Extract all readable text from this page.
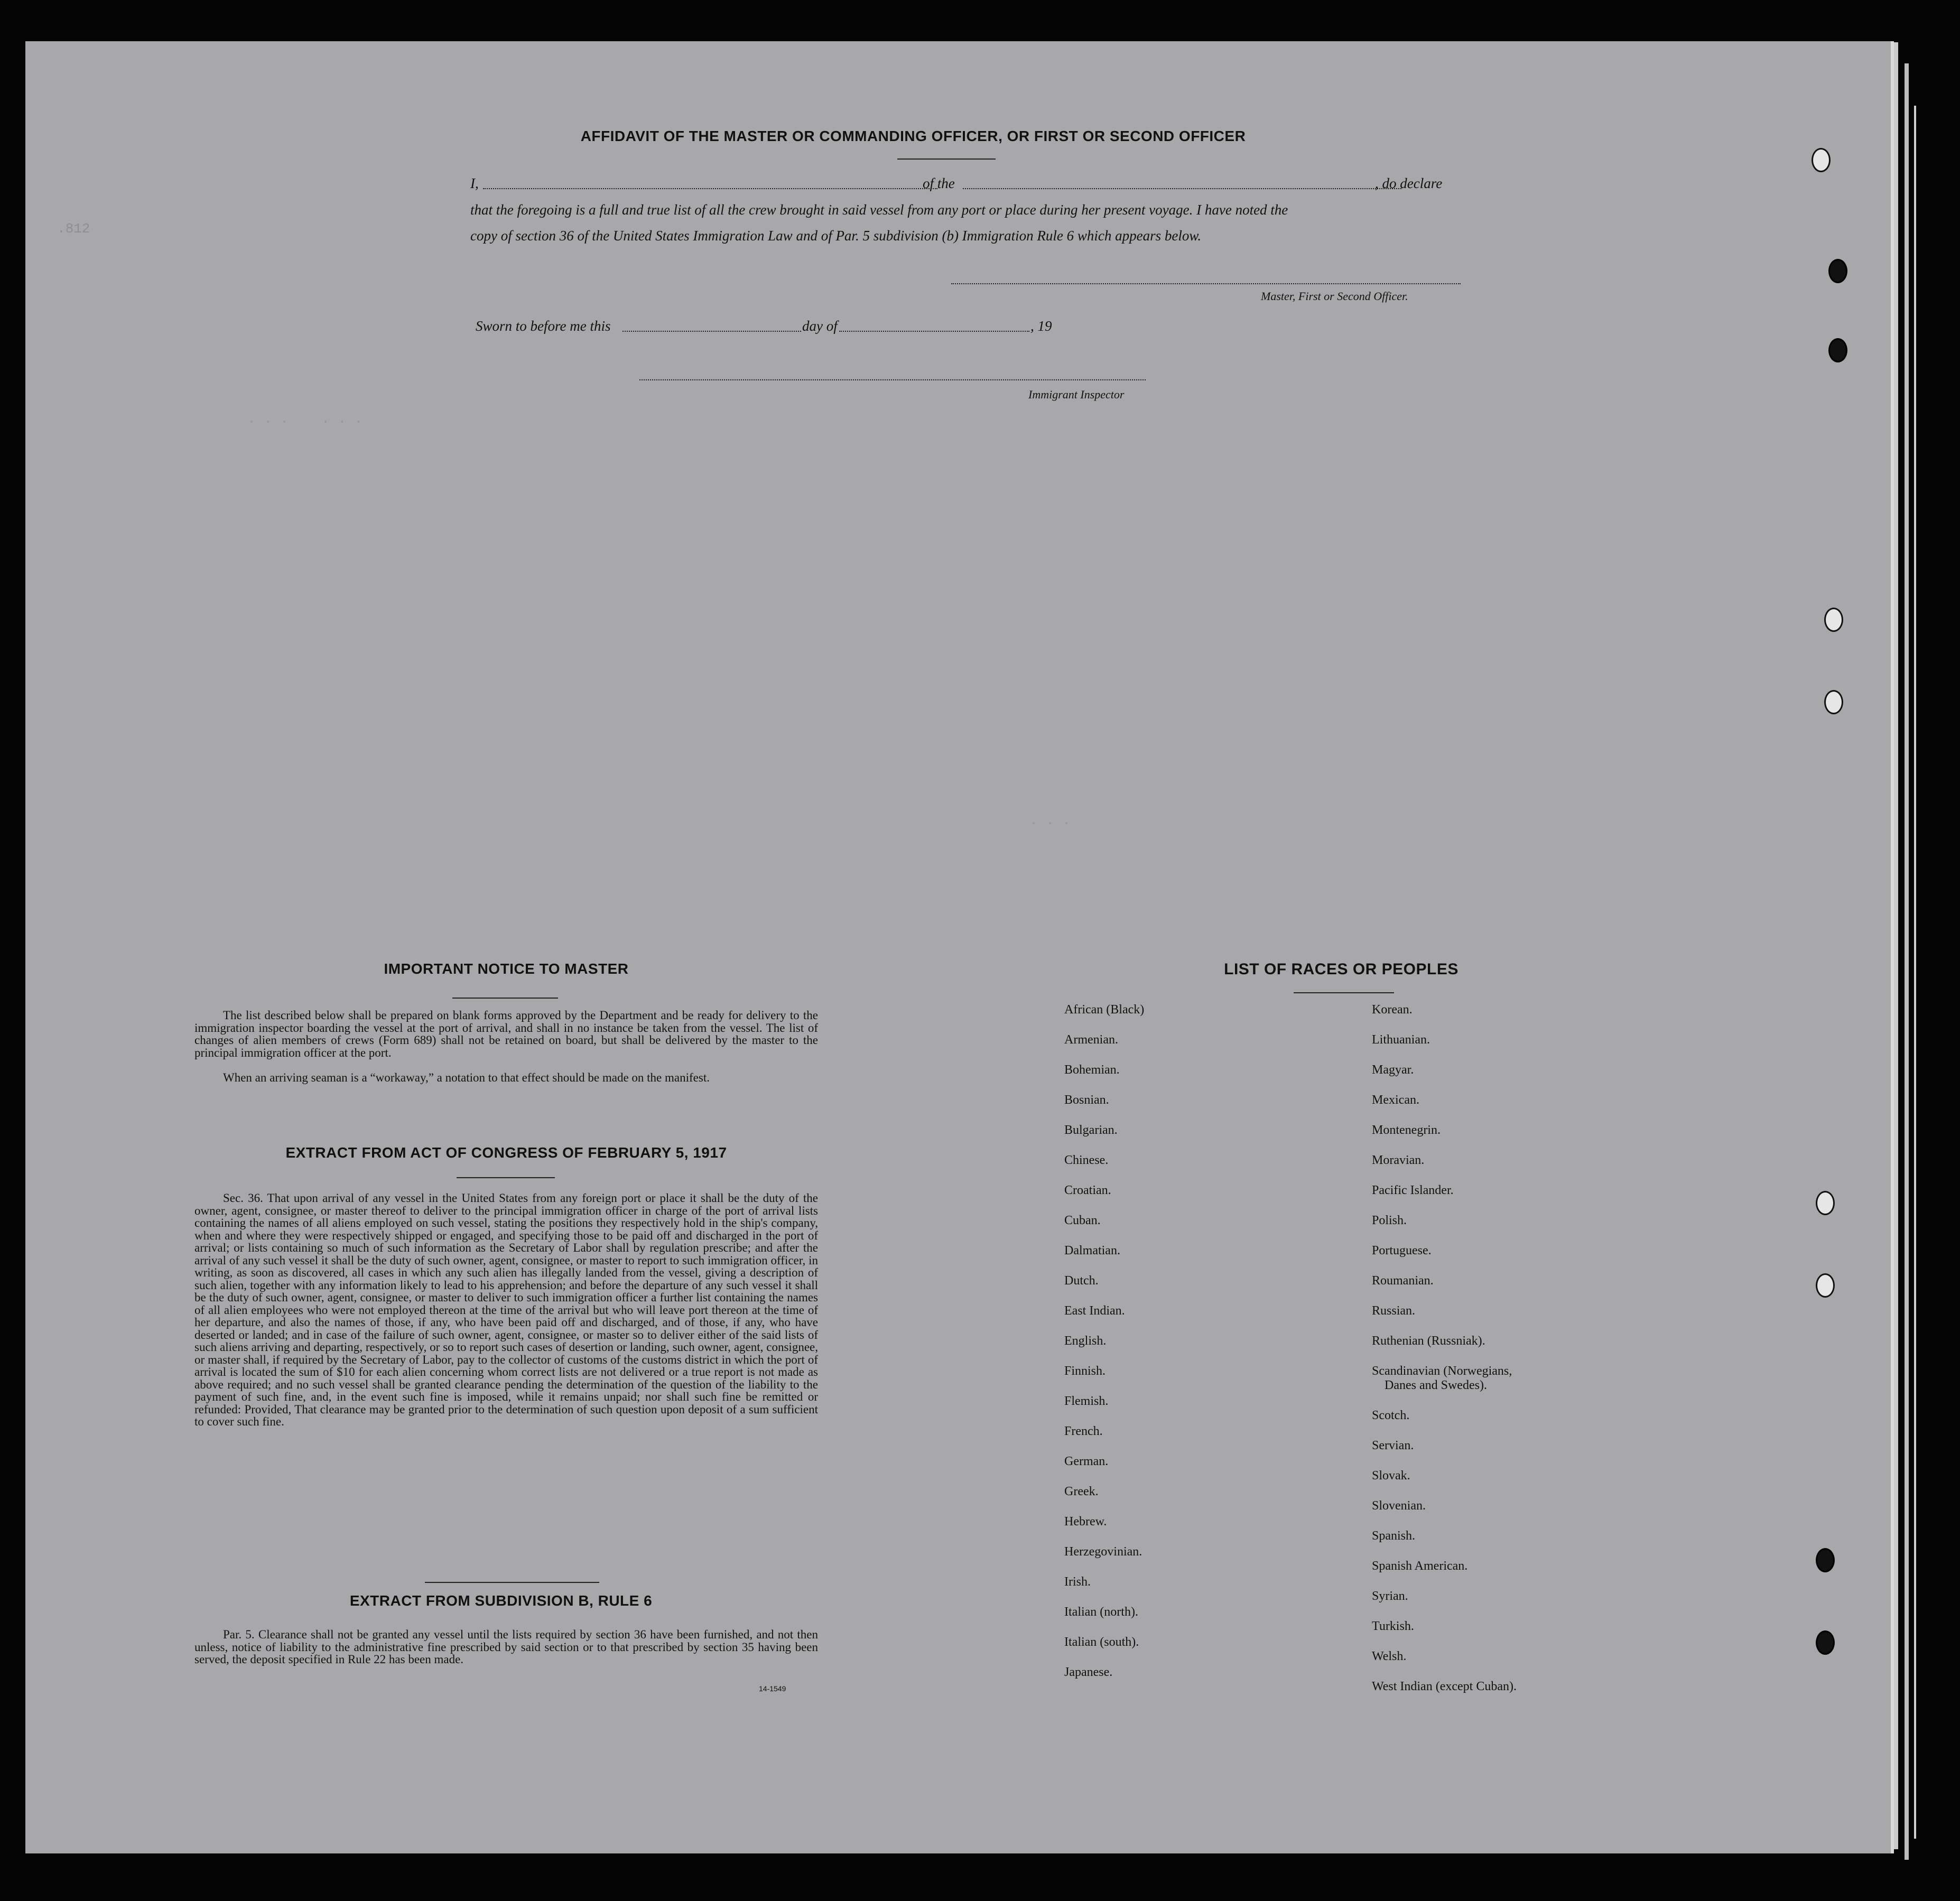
.812
. . .    . . .
. . .
AFFIDAVIT OF THE MASTER OR COMMANDING OFFICER, OR FIRST OR SECOND OFFICER
I,	of the	, do declare
that the foregoing is a full and true list of all the crew brought in said vessel from any port or place during her present voyage. I have noted the
copy of section 36 of the United States Immigration Law and of Par. 5 subdivision (b) Immigration Rule 6 which appears below.
Master, First or Second Officer.
Sworn to before me this	day of	, 19
Immigrant Inspector
IMPORTANT NOTICE TO MASTER
The list described below shall be prepared on blank forms approved by the Department and be ready for delivery to the immigration inspector boarding the vessel at the port of arrival, and shall in no instance be taken from the vessel. The list of changes of alien members of crews (Form 689) shall not be retained on board, but shall be delivered by the master to the principal immigration officer at the port.
When an arriving seaman is a “workaway,” a notation to that effect should be made on the manifest.
EXTRACT FROM ACT OF CONGRESS OF FEBRUARY 5, 1917
Sec. 36. That upon arrival of any vessel in the United States from any foreign port or place it shall be the duty of the owner, agent, consignee, or master thereof to deliver to the principal immigration officer in charge of the port of arrival lists containing the names of all aliens employed on such vessel, stating the positions they respectively hold in the ship's company, when and where they were respectively shipped or engaged, and specifying those to be paid off and discharged in the port of arrival; or lists containing so much of such information as the Secretary of Labor shall by regulation prescribe; and after the arrival of any such vessel it shall be the duty of such owner, agent, consignee, or master to report to such immigration officer, in writing, as soon as discovered, all cases in which any such alien has illegally landed from the vessel, giving a description of such alien, together with any information likely to lead to his apprehension; and before the departure of any such vessel it shall be the duty of such owner, agent, consignee, or master to deliver to such immigration officer a further list containing the names of all alien employees who were not employed thereon at the time of the arrival but who will leave port thereon at the time of her departure, and also the names of those, if any, who have been paid off and discharged, and of those, if any, who have deserted or landed; and in case of the failure of such owner, agent, consignee, or master so to deliver either of the said lists of such aliens arriving and departing, respectively, or so to report such cases of desertion or landing, such owner, agent, consignee, or master shall, if required by the Secretary of Labor, pay to the collector of customs of the customs district in which the port of arrival is located the sum of $10 for each alien concerning whom correct lists are not delivered or a true report is not made as above required; and no such vessel shall be granted clearance pending the determination of the question of the liability to the payment of such fine, and, in the event such fine is imposed, while it remains unpaid; nor shall such fine be remitted or refunded: Provided, That clearance may be granted prior to the determination of such question upon deposit of a sum sufficient to cover such fine.
EXTRACT FROM SUBDIVISION B, RULE 6
Par. 5. Clearance shall not be granted any vessel until the lists required by section 36 have been furnished, and not then unless, notice of liability to the administrative fine prescribed by said section or to that prescribed by section 35 having been served, the deposit specified in Rule 22 has been made.
14-1549
LIST OF RACES OR PEOPLES
African (Black)
Armenian.
Bohemian.
Bosnian.
Bulgarian.
Chinese.
Croatian.
Cuban.
Dalmatian.
Dutch.
East Indian.
English.
Finnish.
Flemish.
French.
German.
Greek.
Hebrew.
Herzegovinian.
Irish.
Italian (north).
Italian (south).
Japanese.
Korean.
Lithuanian.
Magyar.
Mexican.
Montenegrin.
Moravian.
Pacific Islander.
Polish.
Portuguese.
Roumanian.
Russian.
Ruthenian (Russniak).
Scandinavian (Norwegians,
Danes and Swedes).
Scotch.
Servian.
Slovak.
Slovenian.
Spanish.
Spanish American.
Syrian.
Turkish.
Welsh.
West Indian (except Cuban).
